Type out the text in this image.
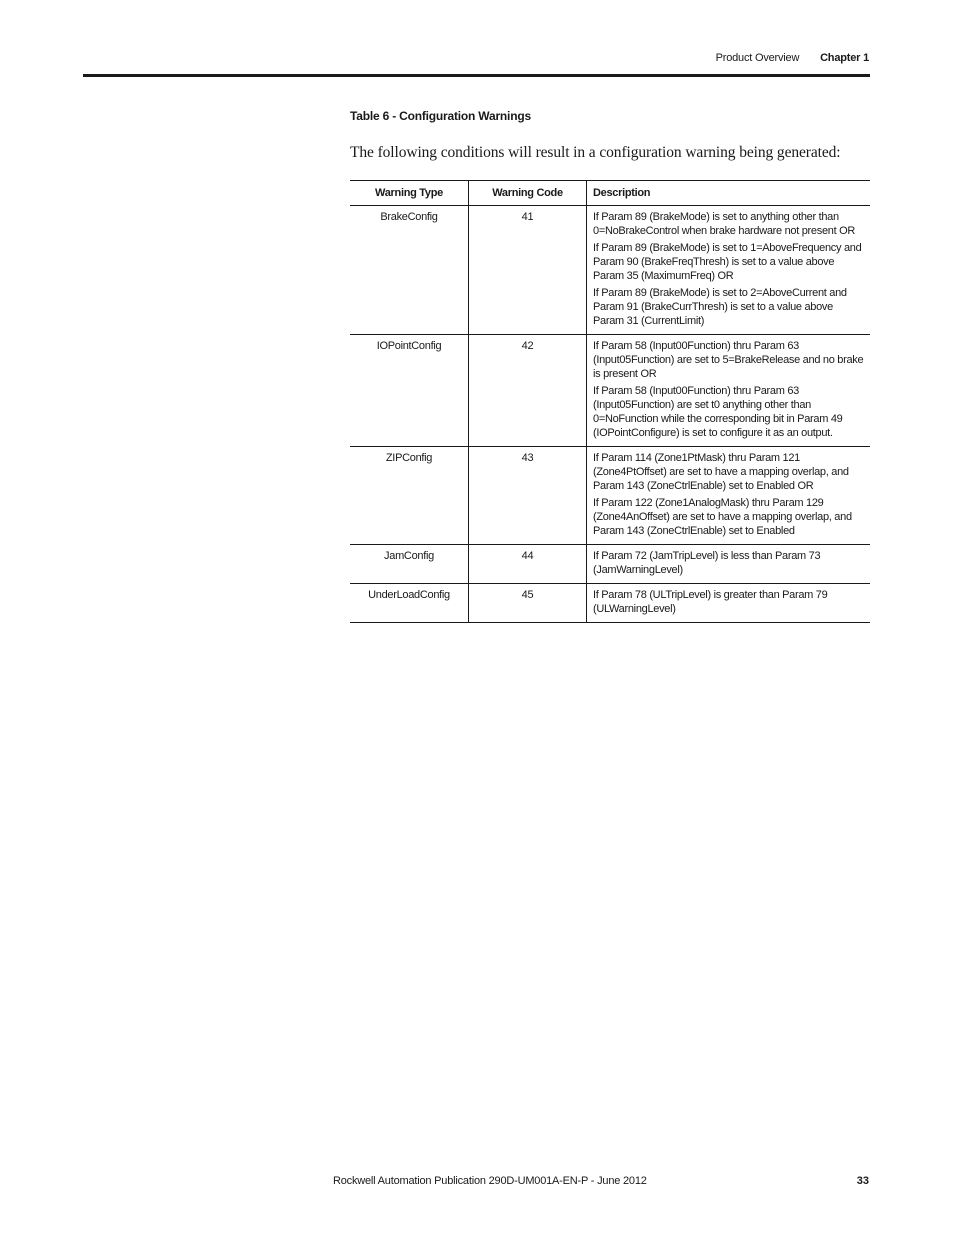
Product Overview Chapter 1
Table 6 - Configuration Warnings
The following conditions will result in a configuration warning being generated:
Warning Type	Warning Code	Description
BrakeConfig	41	If Param 89 (BrakeMode) is set to anything other than 0=NoBrakeControl when brake hardware not present OR

If Param 89 (BrakeMode) is set to 1=AboveFrequency and Param 90 (BrakeFreqThresh) is set to a value above Param 35 (MaximumFreq) OR

If Param 89 (BrakeMode) is set to 2=AboveCurrent and Param 91 (BrakeCurrThresh) is set to a value above Param 31 (CurrentLimit)

IOPointConfig	42	If Param 58 (Input00Function) thru Param 63 (Input05Function) are set to 5=BrakeRelease and no brake is present OR

If Param 58 (Input00Function) thru Param 63 (Input05Function) are set t0 anything other than 0=NoFunction while the corresponding bit in Param 49 (IOPointConfigure) is set to configure it as an output.

ZIPConfig	43	If Param 114 (Zone1PtMask) thru Param 121 (Zone4PtOffset) are set to have a mapping overlap, and Param 143 (ZoneCtrlEnable) set to Enabled OR

If Param 122 (Zone1AnalogMask) thru Param 129 (Zone4AnOffset) are set to have a mapping overlap, and Param 143 (ZoneCtrlEnable) set to Enabled

JamConfig	44	If Param 72 (JamTripLevel) is less than Param 73 (JamWarningLevel)

UnderLoadConfig	45	If Param 78 (ULTripLevel) is greater than Param 79 (ULWarningLevel)

Rockwell Automation Publication 290D-UM001A-EN-P - June 2012	33
